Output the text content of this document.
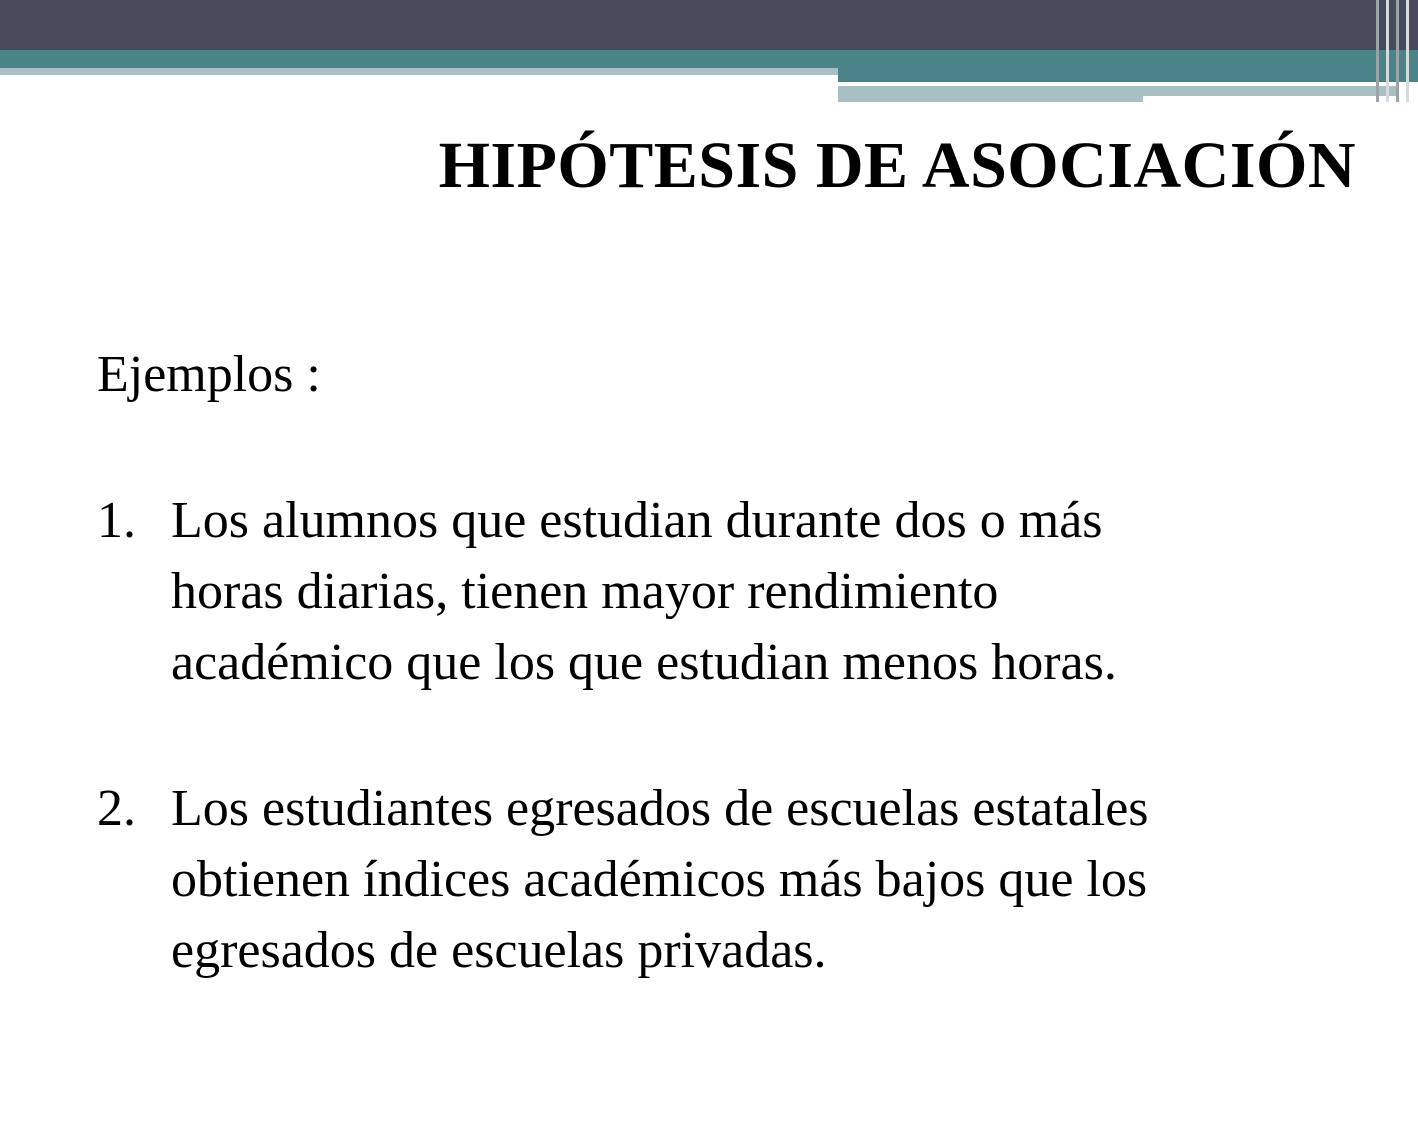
HIPÓTESIS DE ASOCIACIÓN

Ejemplos :

1. Los alumnos que estudian durante dos o más
horas diarias, tienen mayor rendimiento
académico que los que estudian menos horas.
2. Los estudiantes egresados de escuelas estatales
obtienen índices académicos más bajos que los
egresados de escuelas privadas.
